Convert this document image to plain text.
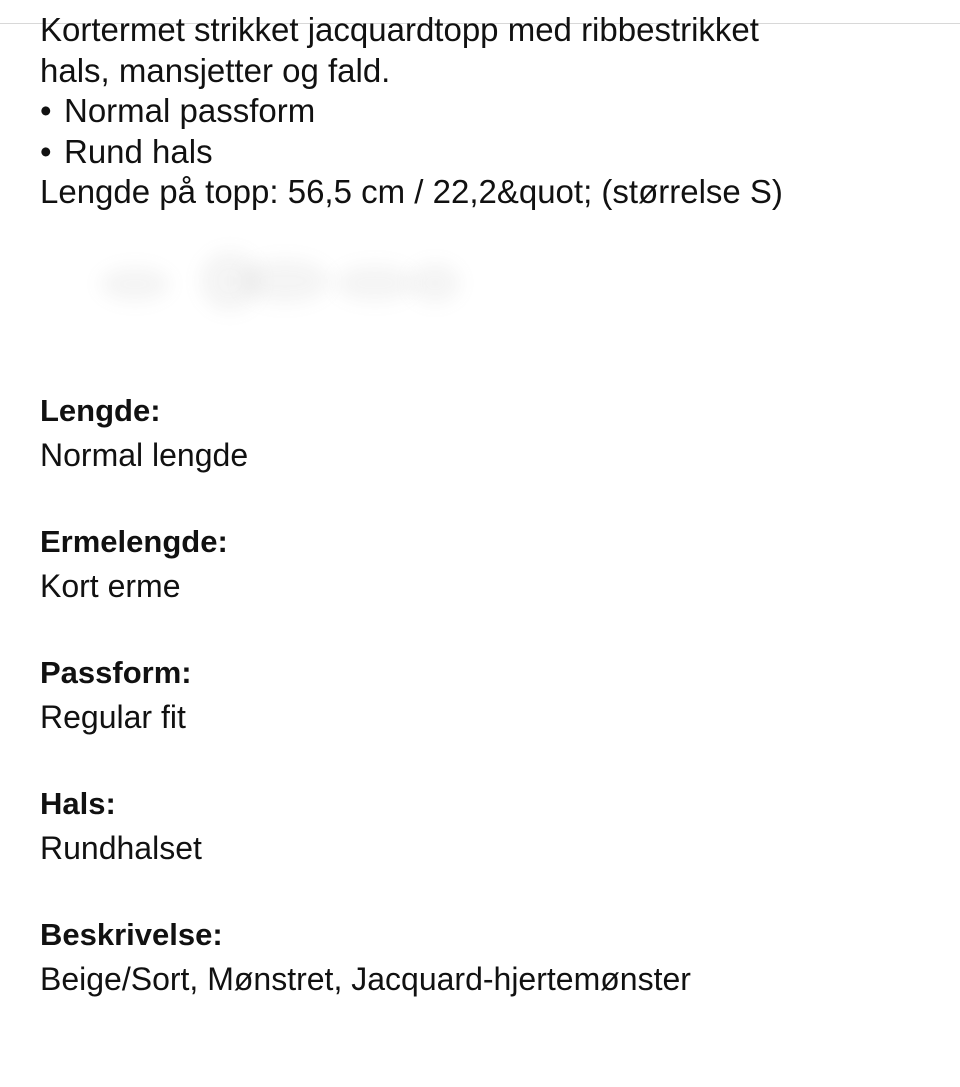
Kortermet strikket jacquardtopp med ribbestrikket
hals, mansjetter og fald.
• Normal passform
• Rund hals
Lengde på topp: 56,5 cm / 22,2&quot; (størrelse S)
Lengde:
Normal lengde
Ermelengde:
Kort erme
Passform:
Regular fit
Hals:
Rundhalset
Beskrivelse:
Beige/Sort, Mønstret, Jacquard-hjertemønster
